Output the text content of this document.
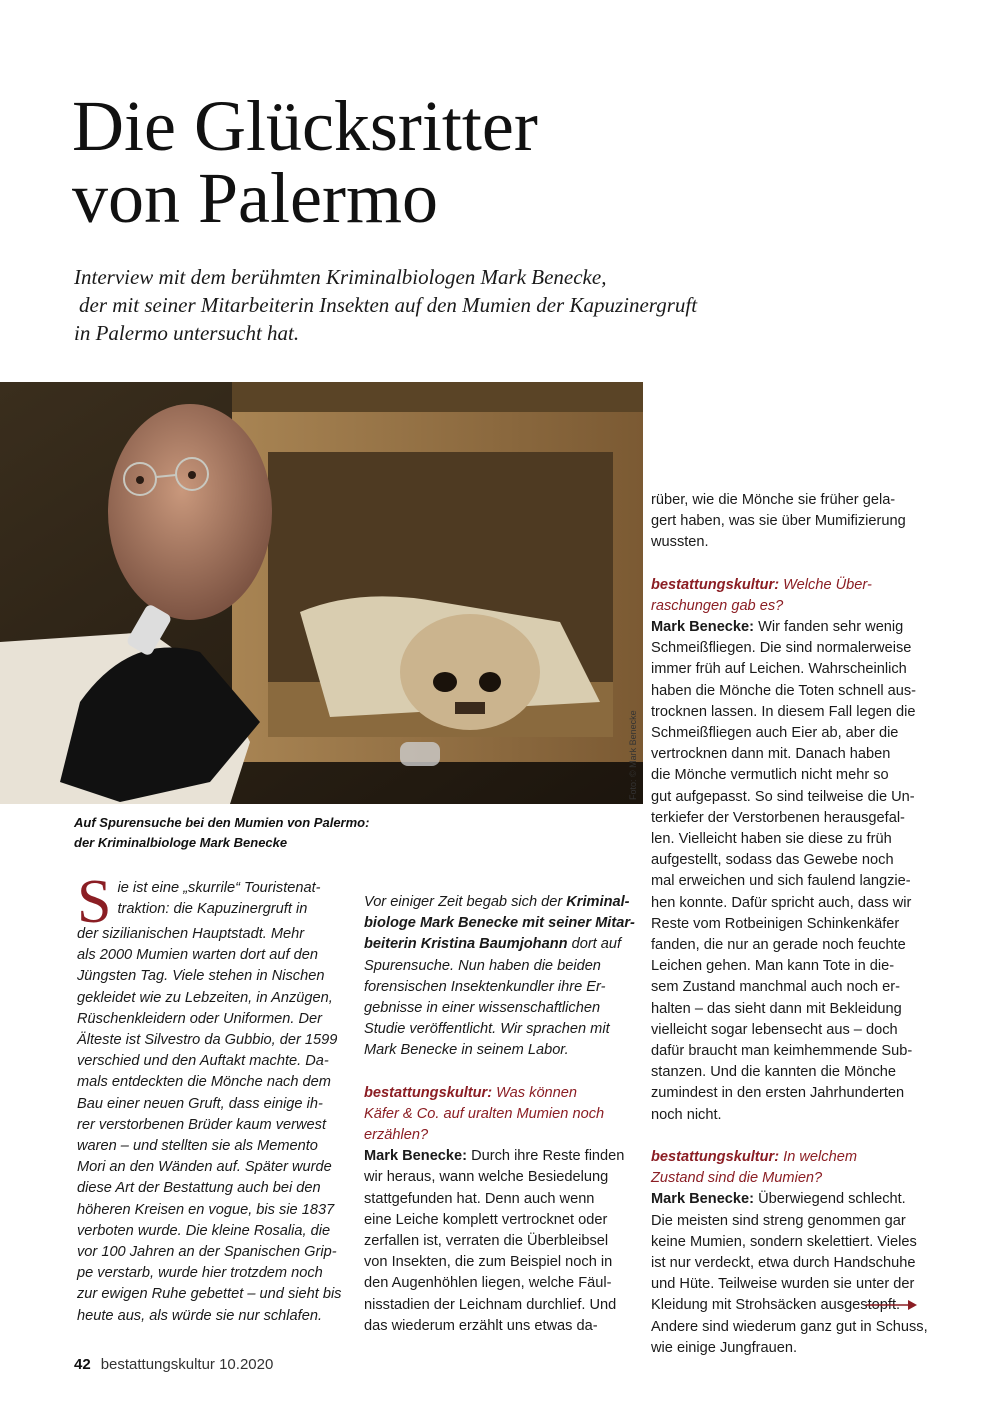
Die Glücksritter
von Palermo
Interview mit dem berühmten Kriminalbiologen Mark Benecke,
der mit seiner Mitarbeiterin Insekten auf den Mumien der Kapuzinergruft
in Palermo untersucht hat.
Foto: © Mark Benecke
Auf Spurensuche bei den Mumien von Palermo:
der Kriminalbiologe Mark Benecke
S ie ist eine „skurrile“ Touristenat-
traktion: die Kapuzinergruft in
der sizilianischen Hauptstadt. Mehr
als 2000 Mumien warten dort auf den
Jüngsten Tag. Viele stehen in Nischen
gekleidet wie zu Lebzeiten, in Anzügen,
Rüschenkleidern oder Uniformen. Der
Älteste ist Silvestro da Gubbio, der 1599
verschied und den Auftakt machte. Da-
mals entdeckten die Mönche nach dem
Bau einer neuen Gruft, dass einige ih-
rer verstorbenen Brüder kaum verwest
waren – und stellten sie als Memento
Mori an den Wänden auf. Später wurde
diese Art der Bestattung auch bei den
höheren Kreisen en vogue, bis sie 1837
verboten wurde. Die kleine Rosalia, die
vor 100 Jahren an der Spanischen Grip-
pe verstarb, wurde hier trotzdem noch
zur ewigen Ruhe gebettet – und sieht bis
heute aus, als würde sie nur schlafen.
Vor einiger Zeit begab sich der Kriminal-
biologe Mark Benecke mit seiner Mitar-
beiterin Kristina Baumjohann dort auf
Spurensuche. Nun haben die beiden
forensischen Insektenkundler ihre Er-
gebnisse in einer wissenschaftlichen
Studie veröffentlicht. Wir sprachen mit
Mark Benecke in seinem Labor.
bestattungskultur: Was können
Käfer & Co. auf uralten Mumien noch
erzählen?
Mark Benecke: Durch ihre Reste finden
wir heraus, wann welche Besiedelung
stattgefunden hat. Denn auch wenn
eine Leiche komplett vertrocknet oder
zerfallen ist, verraten die Überbleibsel
von Insekten, die zum Beispiel noch in
den Augenhöhlen liegen, welche Fäul-
nisstadien der Leichnam durchlief. Und
das wiederum erzählt uns etwas da-
rüber, wie die Mönche sie früher gela-
gert haben, was sie über Mumifizierung
wussten.
bestattungskultur: Welche Über-
raschungen gab es?
Mark Benecke: Wir fanden sehr wenig
Schmeißfliegen. Die sind normalerweise
immer früh auf Leichen. Wahrscheinlich
haben die Mönche die Toten schnell aus-
trocknen lassen. In diesem Fall legen die
Schmeißfliegen auch Eier ab, aber die
vertrocknen dann mit. Danach haben
die Mönche vermutlich nicht mehr so
gut aufgepasst. So sind teilweise die Un-
terkiefer der Verstorbenen herausgefal-
len. Vielleicht haben sie diese zu früh
aufgestellt, sodass das Gewebe noch
mal erweichen und sich faulend langzie-
hen konnte. Dafür spricht auch, dass wir
Reste vom Rotbeinigen Schinkenkäfer
fanden, die nur an gerade noch feuchte
Leichen gehen. Man kann Tote in die-
sem Zustand manchmal auch noch er-
halten – das sieht dann mit Bekleidung
vielleicht sogar lebensecht aus – doch
dafür braucht man keimhemmende Sub-
stanzen. Und die kannten die Mönche
zumindest in den ersten Jahrhunderten
noch nicht.
bestattungskultur: In welchem
Zustand sind die Mumien?
Mark Benecke: Überwiegend schlecht.
Die meisten sind streng genommen gar
keine Mumien, sondern skelettiert. Vieles
ist nur verdeckt, etwa durch Handschuhe
und Hüte. Teilweise wurden sie unter der
Kleidung mit Strohsäcken ausgestopft.
Andere sind wiederum ganz gut in Schuss,
wie einige Jungfrauen.
42 bestattungskultur 10.2020
